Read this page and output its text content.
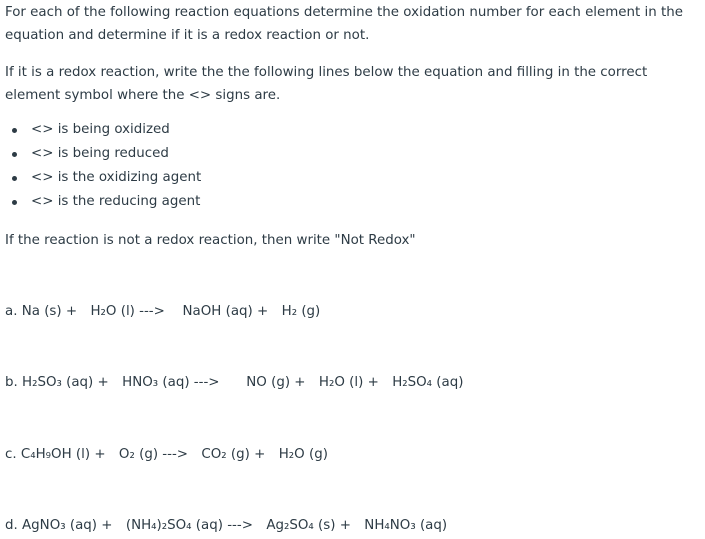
For each of the following reaction equations determine the oxidation number for each element in the equation and determine if it is a redox reaction or not.

If it is a redox reaction, write the the following lines below the equation and filling in the correct element symbol where the <> signs are.

<> is being oxidized
<> is being reduced
<> is the oxidizing agent
<> is the reducing agent

If the reaction is not a redox reaction, then write "Not Redox"

a. Na (s) + H₂O (l) --->  NaOH (aq) + H₂ (g)

b. H₂SO₃ (aq) + HNO₃ (aq) --->  NO (g) + H₂O (l) + H₂SO₄ (aq)

c. C₄H₉OH (l) + O₂ (g) ---> CO₂ (g) + H₂O (g)

d. AgNO₃ (aq) + (NH₄)₂SO₄ (aq) ---> Ag₂SO₄ (s) + NH₄NO₃ (aq)
